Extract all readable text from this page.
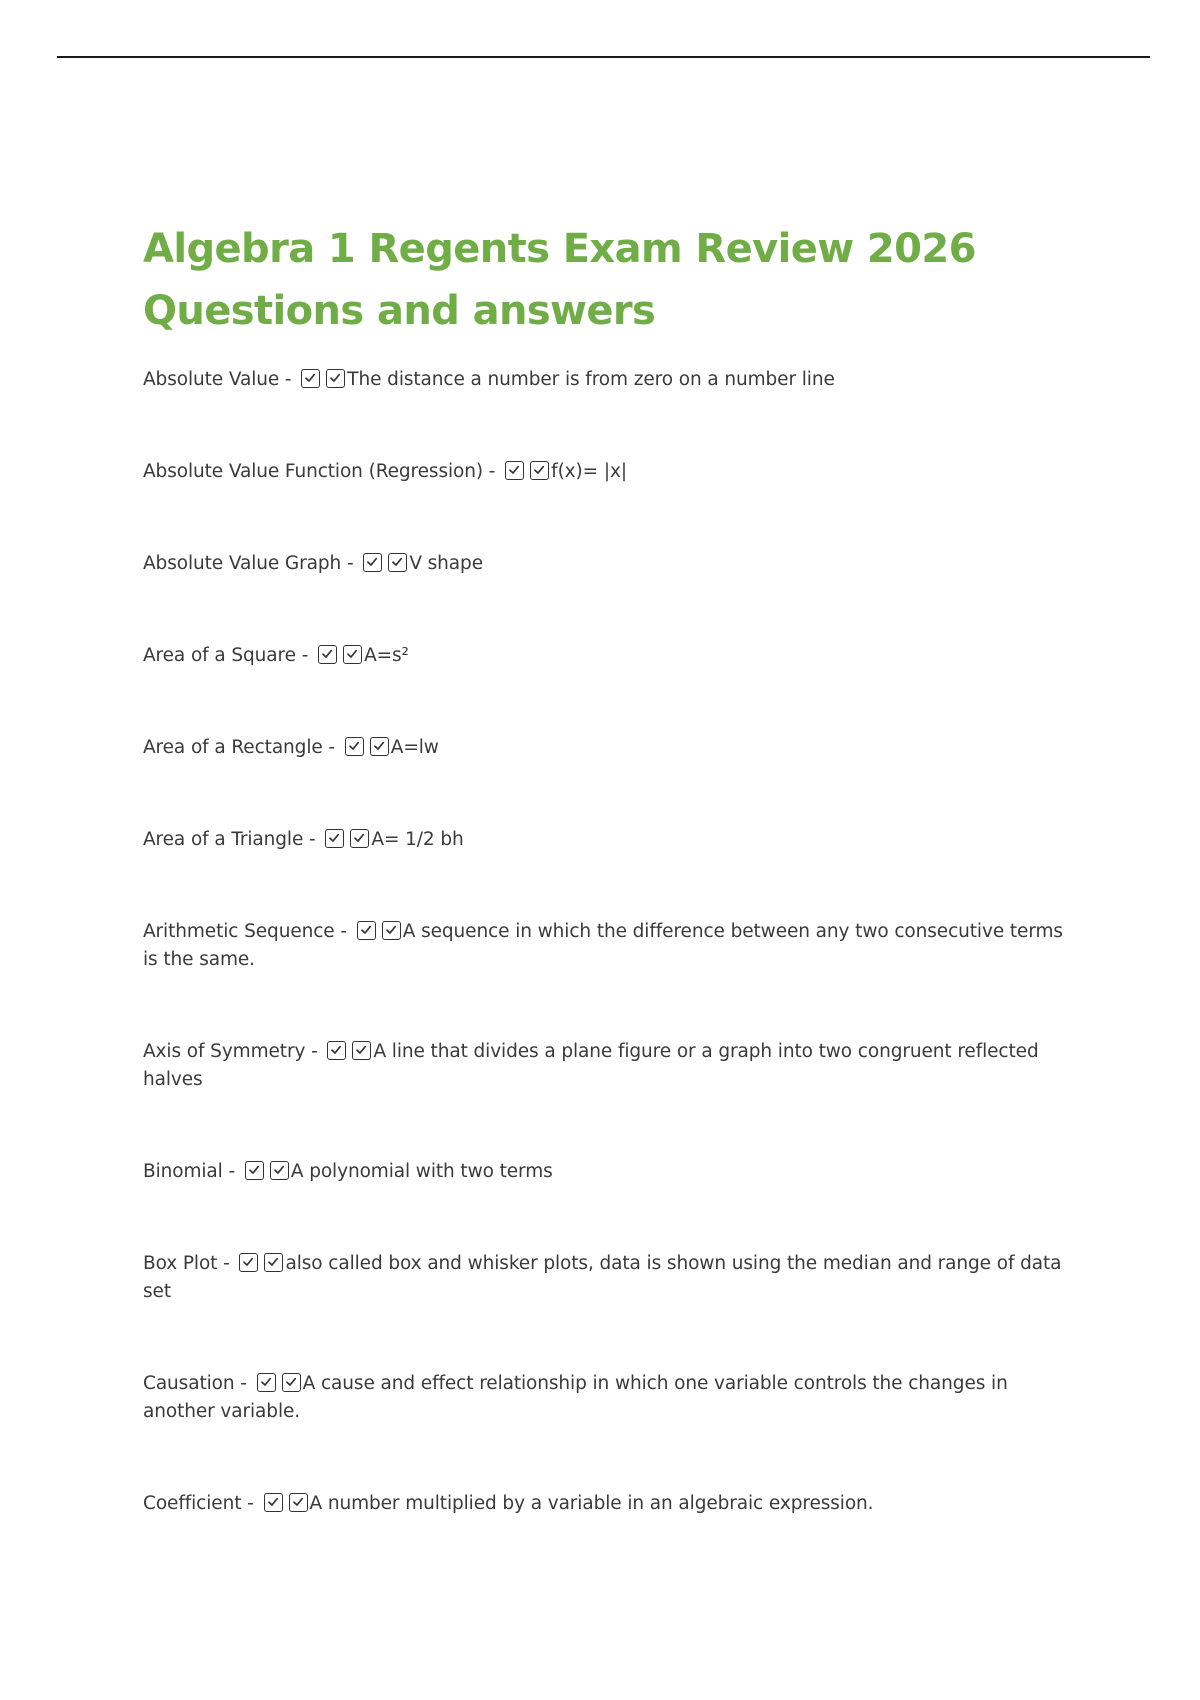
Algebra 1 Regents Exam Review 2026
Questions and answers

Absolute Value -	The distance a number is from zero on a number line

Absolute Value Function (Regression) -	f(x)= |x|

Absolute Value Graph -	V shape

Area of a Square -	A=s²

Area of a Rectangle -	A=lw

Area of a Triangle -	A= 1/2 bh

Arithmetic Sequence -	A sequence in which the difference between any two consecutive terms is the same.

Axis of Symmetry -	A line that divides a plane figure or a graph into two congruent reflected halves

Binomial -	A polynomial with two terms

Box Plot -	also called box and whisker plots, data is shown using the median and range of data set

Causation -	A cause and effect relationship in which one variable controls the changes in another variable.

Coefficient -	A number multiplied by a variable in an algebraic expression.
